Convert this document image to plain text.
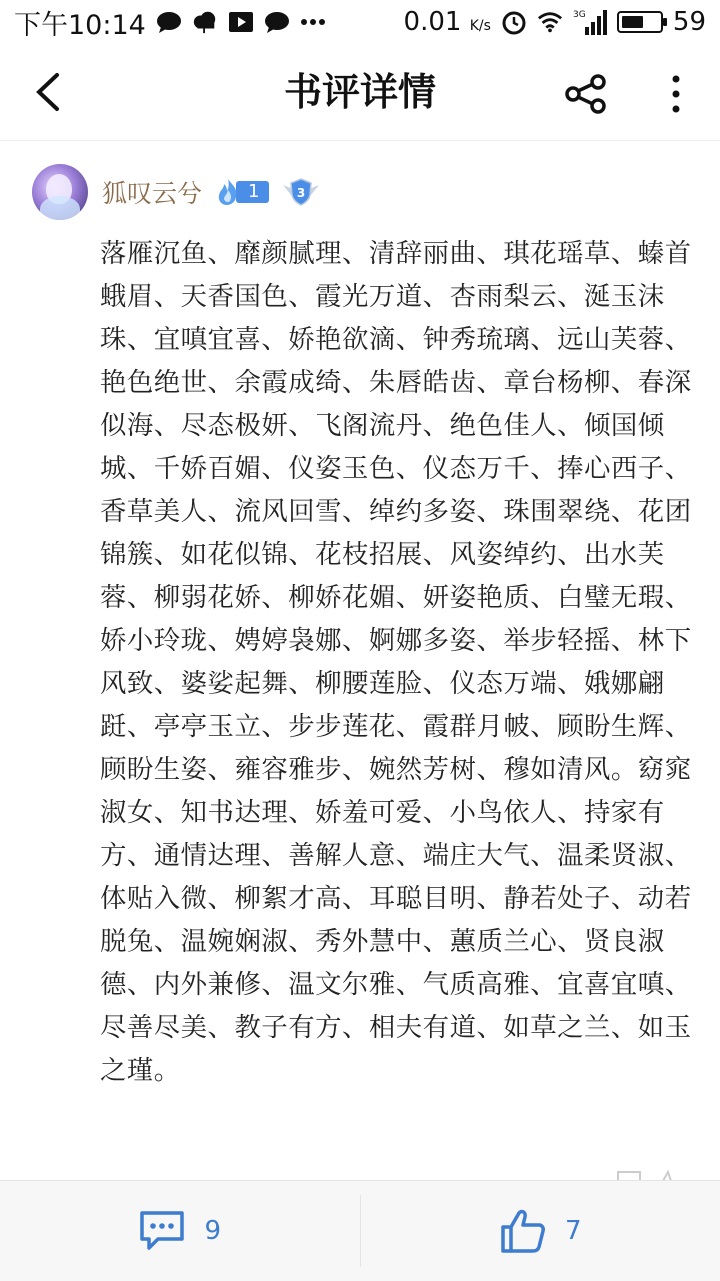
下午10:14	0.01 K/s
3G	59
书评详情
狐叹云兮	1	3
落雁沉鱼、靡颜腻理、清辞丽曲、琪花瑶草、螓首蛾眉、天香国色、霞光万道、杏雨梨云、涎玉沫珠、宜嗔宜喜、娇艳欲滴、钟秀琉璃、远山芙蓉、艳色绝世、余霞成绮、朱唇皓齿、章台杨柳、春深似海、尽态极妍、飞阁流丹、绝色佳人、倾国倾城、千娇百媚、仪姿玉色、仪态万千、捧心西子、香草美人、流风回雪、绰约多姿、珠围翠绕、花团锦簇、如花似锦、花枝招展、风姿绰约、出水芙蓉、柳弱花娇、柳娇花媚、妍姿艳质、白璧无瑕、娇小玲珑、娉婷袅娜、婀娜多姿、举步轻摇、林下风致、婆娑起舞、柳腰莲脸、仪态万端、娥娜翩跹、亭亭玉立、步步莲花、霞群月帔、顾盼生辉、顾盼生姿、雍容雅步、婉然芳树、穆如清风。窈窕淑女、知书达理、娇羞可爱、小鸟依人、持家有方、通情达理、善解人意、端庄大气、温柔贤淑、体贴入微、柳絮才高、耳聪目明、静若处子、动若脱兔、温婉娴淑、秀外慧中、蕙质兰心、贤良淑德、内外兼修、温文尔雅、气质高雅、宜喜宜嗔、尽善尽美、教子有方、相夫有道、如草之兰、如玉之瑾。
9	7
